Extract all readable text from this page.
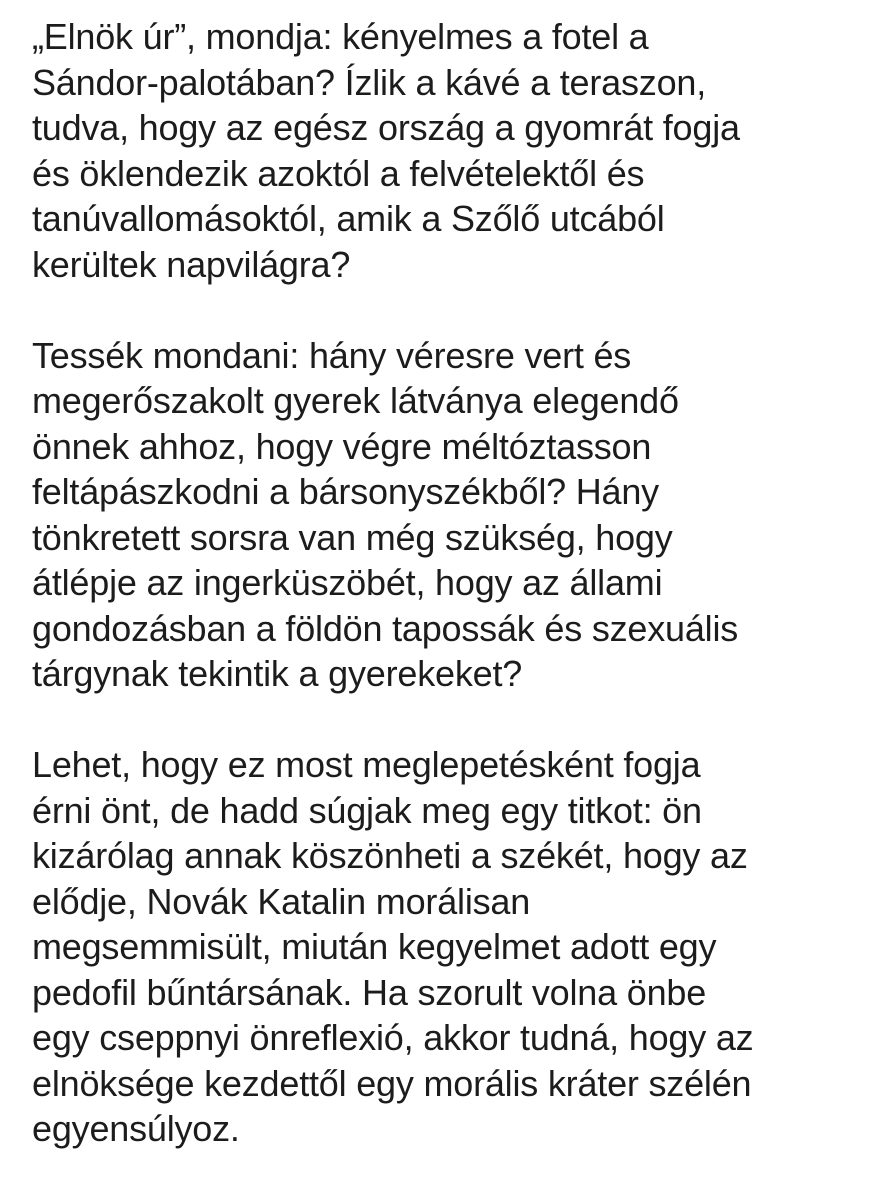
„Elnök úr”, mondja: kényelmes a fotel a
Sándor-palotában? Ízlik a kávé a teraszon,
tudva, hogy az egész ország a gyomrát fogja
és öklendezik azoktól a felvételektől és
tanúvallomásoktól, amik a Szőlő utcából
kerültek napvilágra?

Tessék mondani: hány véresre vert és
megerőszakolt gyerek látványa elegendő
önnek ahhoz, hogy végre méltóztasson
feltápászkodni a bársonyszékből? Hány
tönkretett sorsra van még szükség, hogy
átlépje az ingerküszöbét, hogy az állami
gondozásban a földön tapossák és szexuális
tárgynak tekintik a gyerekeket?

Lehet, hogy ez most meglepetésként fogja
érni önt, de hadd súgjak meg egy titkot: ön
kizárólag annak köszönheti a székét, hogy az
elődje, Novák Katalin morálisan
megsemmisült, miután kegyelmet adott egy
pedofil bűntársának. Ha szorult volna önbe
egy cseppnyi önreflexió, akkor tudná, hogy az
elnöksége kezdettől egy morális kráter szélén
egyensúlyoz.
